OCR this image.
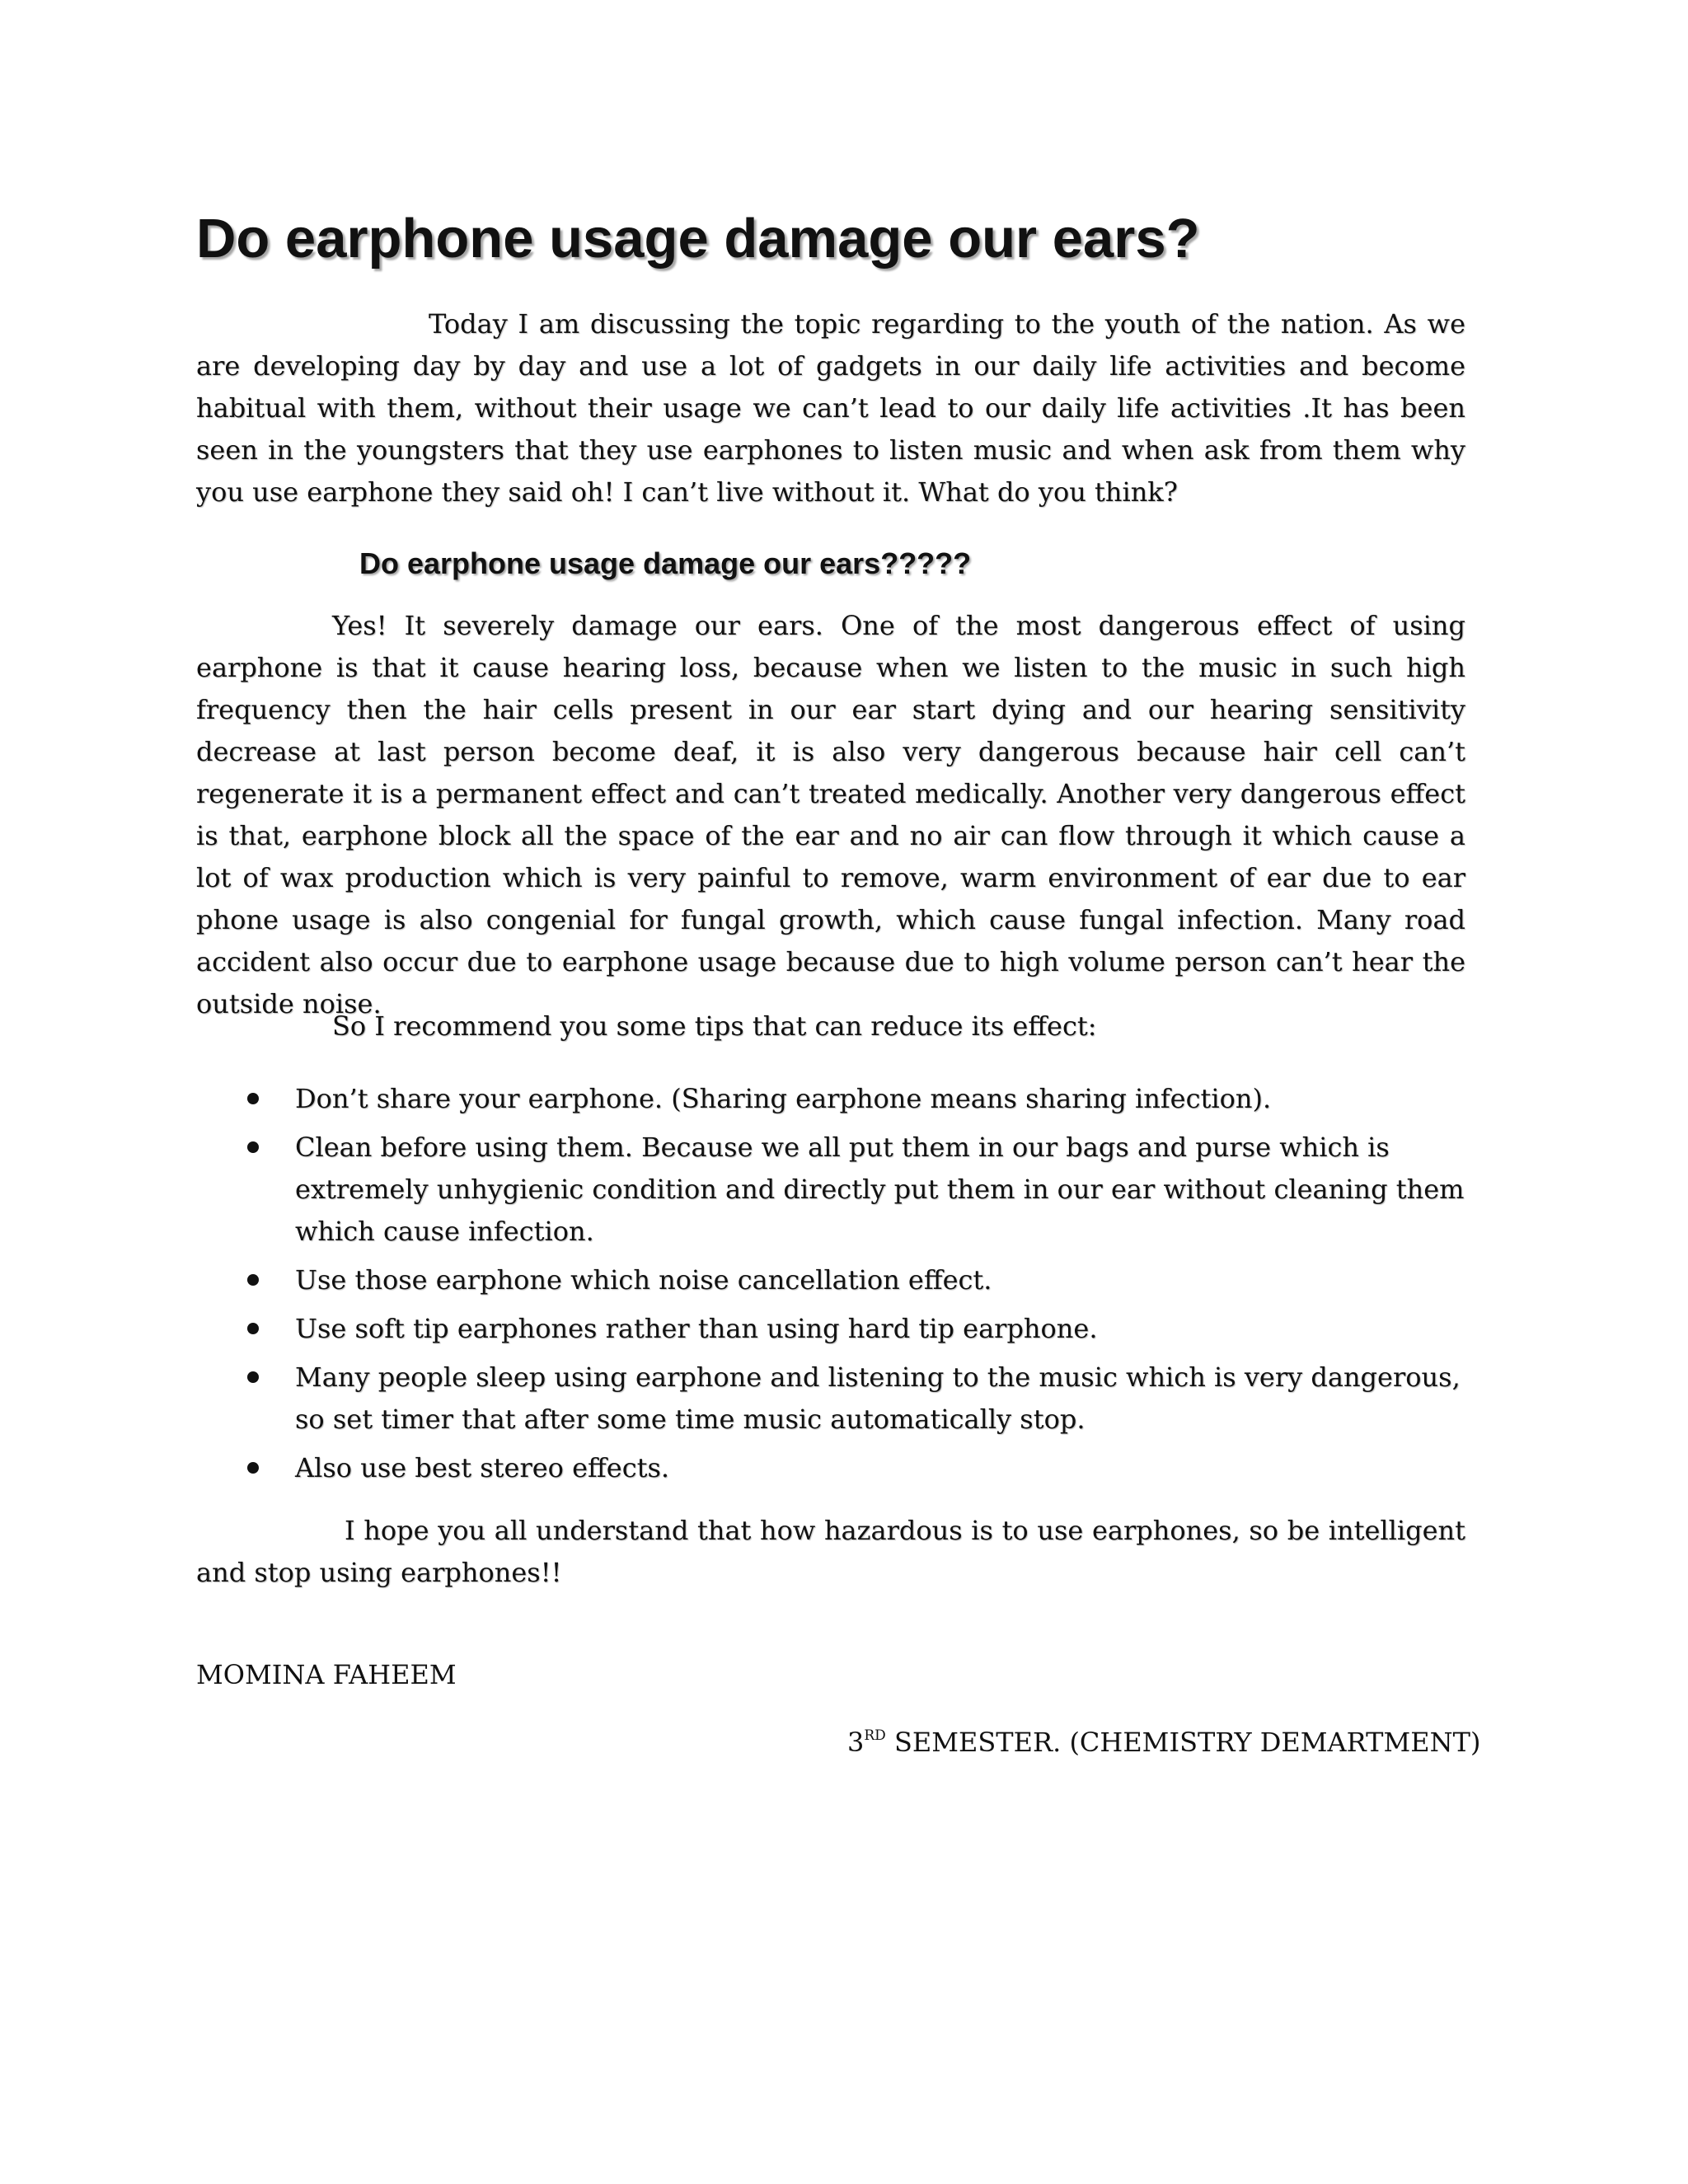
Do earphone usage damage our ears?

Today I am discussing the topic regarding to the youth of the nation. As we are developing day by day and use a lot of gadgets in our daily life activities and become habitual with them, without their usage we can’t lead to our daily life activities .It has been seen in the youngsters that they use earphones to listen music and when ask from them why you use earphone they said oh! I can’t live without it. What do you think?

Do earphone usage damage our ears?????

Yes! It severely damage our ears. One of the most dangerous effect of using earphone is that it cause hearing loss, because when we listen to the music in such high frequency then the hair cells present in our ear start dying and our hearing sensitivity decrease at last person become deaf, it is also very dangerous because hair cell can’t regenerate it is a permanent effect and can’t treated medically. Another very dangerous effect is that, earphone block all the space of the ear and no air can flow through it which cause a lot of wax production which is very painful to remove, warm environment of ear due to ear phone usage is also congenial for fungal growth, which cause fungal infection. Many road accident also occur due to earphone usage because due to high volume person can’t hear the outside noise.

So I recommend you some tips that can reduce its effect:

Don’t share your earphone. (Sharing earphone means sharing infection).
Clean before using them. Because we all put them in our bags and purse which is extremely unhygienic condition and directly put them in our ear without cleaning them which cause infection.
Use those earphone which noise cancellation effect.
Use soft tip earphones rather than using hard tip earphone.
Many people sleep using earphone and listening to the music which is very dangerous, so set timer that after some time music automatically stop.
Also use best stereo effects.

I hope you all understand that how hazardous is to use earphones, so be intelligent and stop using earphones!!

MOMINA FAHEEM

3RD SEMESTER. (CHEMISTRY DEMARTMENT)
